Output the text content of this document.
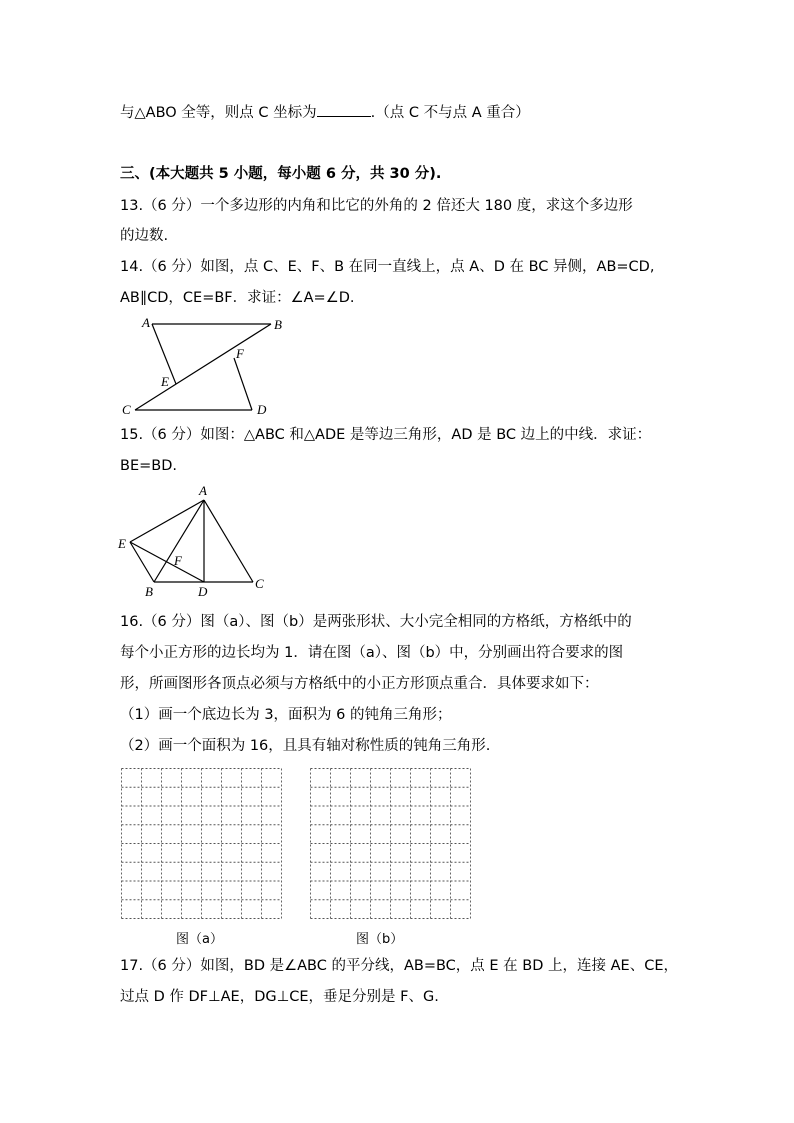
与△ABO 全等，则点 C 坐标为	.（点 C 不与点 A 重合）
三、(本大题共 5 小题，每小题 6 分，共 30 分).
13.（6 分）一个多边形的内角和比它的外角的 2 倍还大 180 度，求这个多边形
的边数.
14.（6 分）如图，点 C、E、F、B 在同一直线上，点 A、D 在 BC 异侧，AB=CD,
AB∥CD，CE=BF．求证：∠A=∠D.
A	B
C	D
E
F
15.（6 分）如图：△ABC 和△ADE 是等边三角形，AD 是 BC 边上的中线．求证：
BE=BD.
A
B
C
D
E
F
16.（6 分）图（a）、图（b）是两张形状、大小完全相同的方格纸，方格纸中的
每个小正方形的边长均为 1．请在图（a）、图（b）中，分别画出符合要求的图
形，所画图形各顶点必须与方格纸中的小正方形顶点重合．具体要求如下：
（1）画一个底边长为 3，面积为 6 的钝角三角形；
（2）画一个面积为 16，且具有轴对称性质的钝角三角形.
图（a）	图（b）
17.（6 分）如图，BD 是∠ABC 的平分线，AB=BC，点 E 在 BD 上，连接 AE、CE，
过点 D 作 DF⊥AE，DG⊥CE，垂足分别是 F、G.
